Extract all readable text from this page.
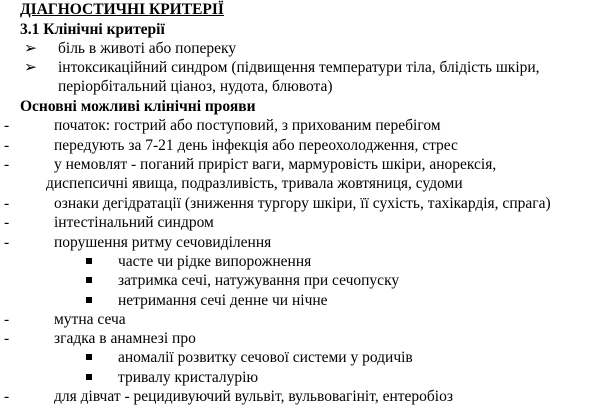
ДІАГНОСТИЧНІ КРИТЕРІЇ
3.1 Клінічні критерії
➢ біль в животі або попереку
➢ інтоксикаційний синдром (підвищення температури тіла, блідість шкіри,
періорбітальний ціаноз, нудота, блювота)
Основні можливі клінічні прояви
-	початок: гострий або поступовий, з прихованим перебігом
-	передують за 7-21 день інфекція або переохолодження, стрес
-	у немовлят - поганий приріст ваги, мармуровість шкіри, анорексія,
диспепсичні явища, подразливість, тривала жовтяниця, судоми
-	ознаки дегідратації (зниження тургору шкіри, її сухість, тахікардія, спрага)
-	інтестінальний синдром
-	порушення ритму сечовиділення
часте чи рідке випорожнення
затримка сечі, натужування при сечопуску
нетримання сечі денне чи нічне
-	мутна сеча
-	згадка в анамнезі про
аномалії розвитку сечової системи у родичів
тривалу кристалурію
-	для дівчат - рецидивуючий вульвіт, вульвовагініт, ентеробіоз
